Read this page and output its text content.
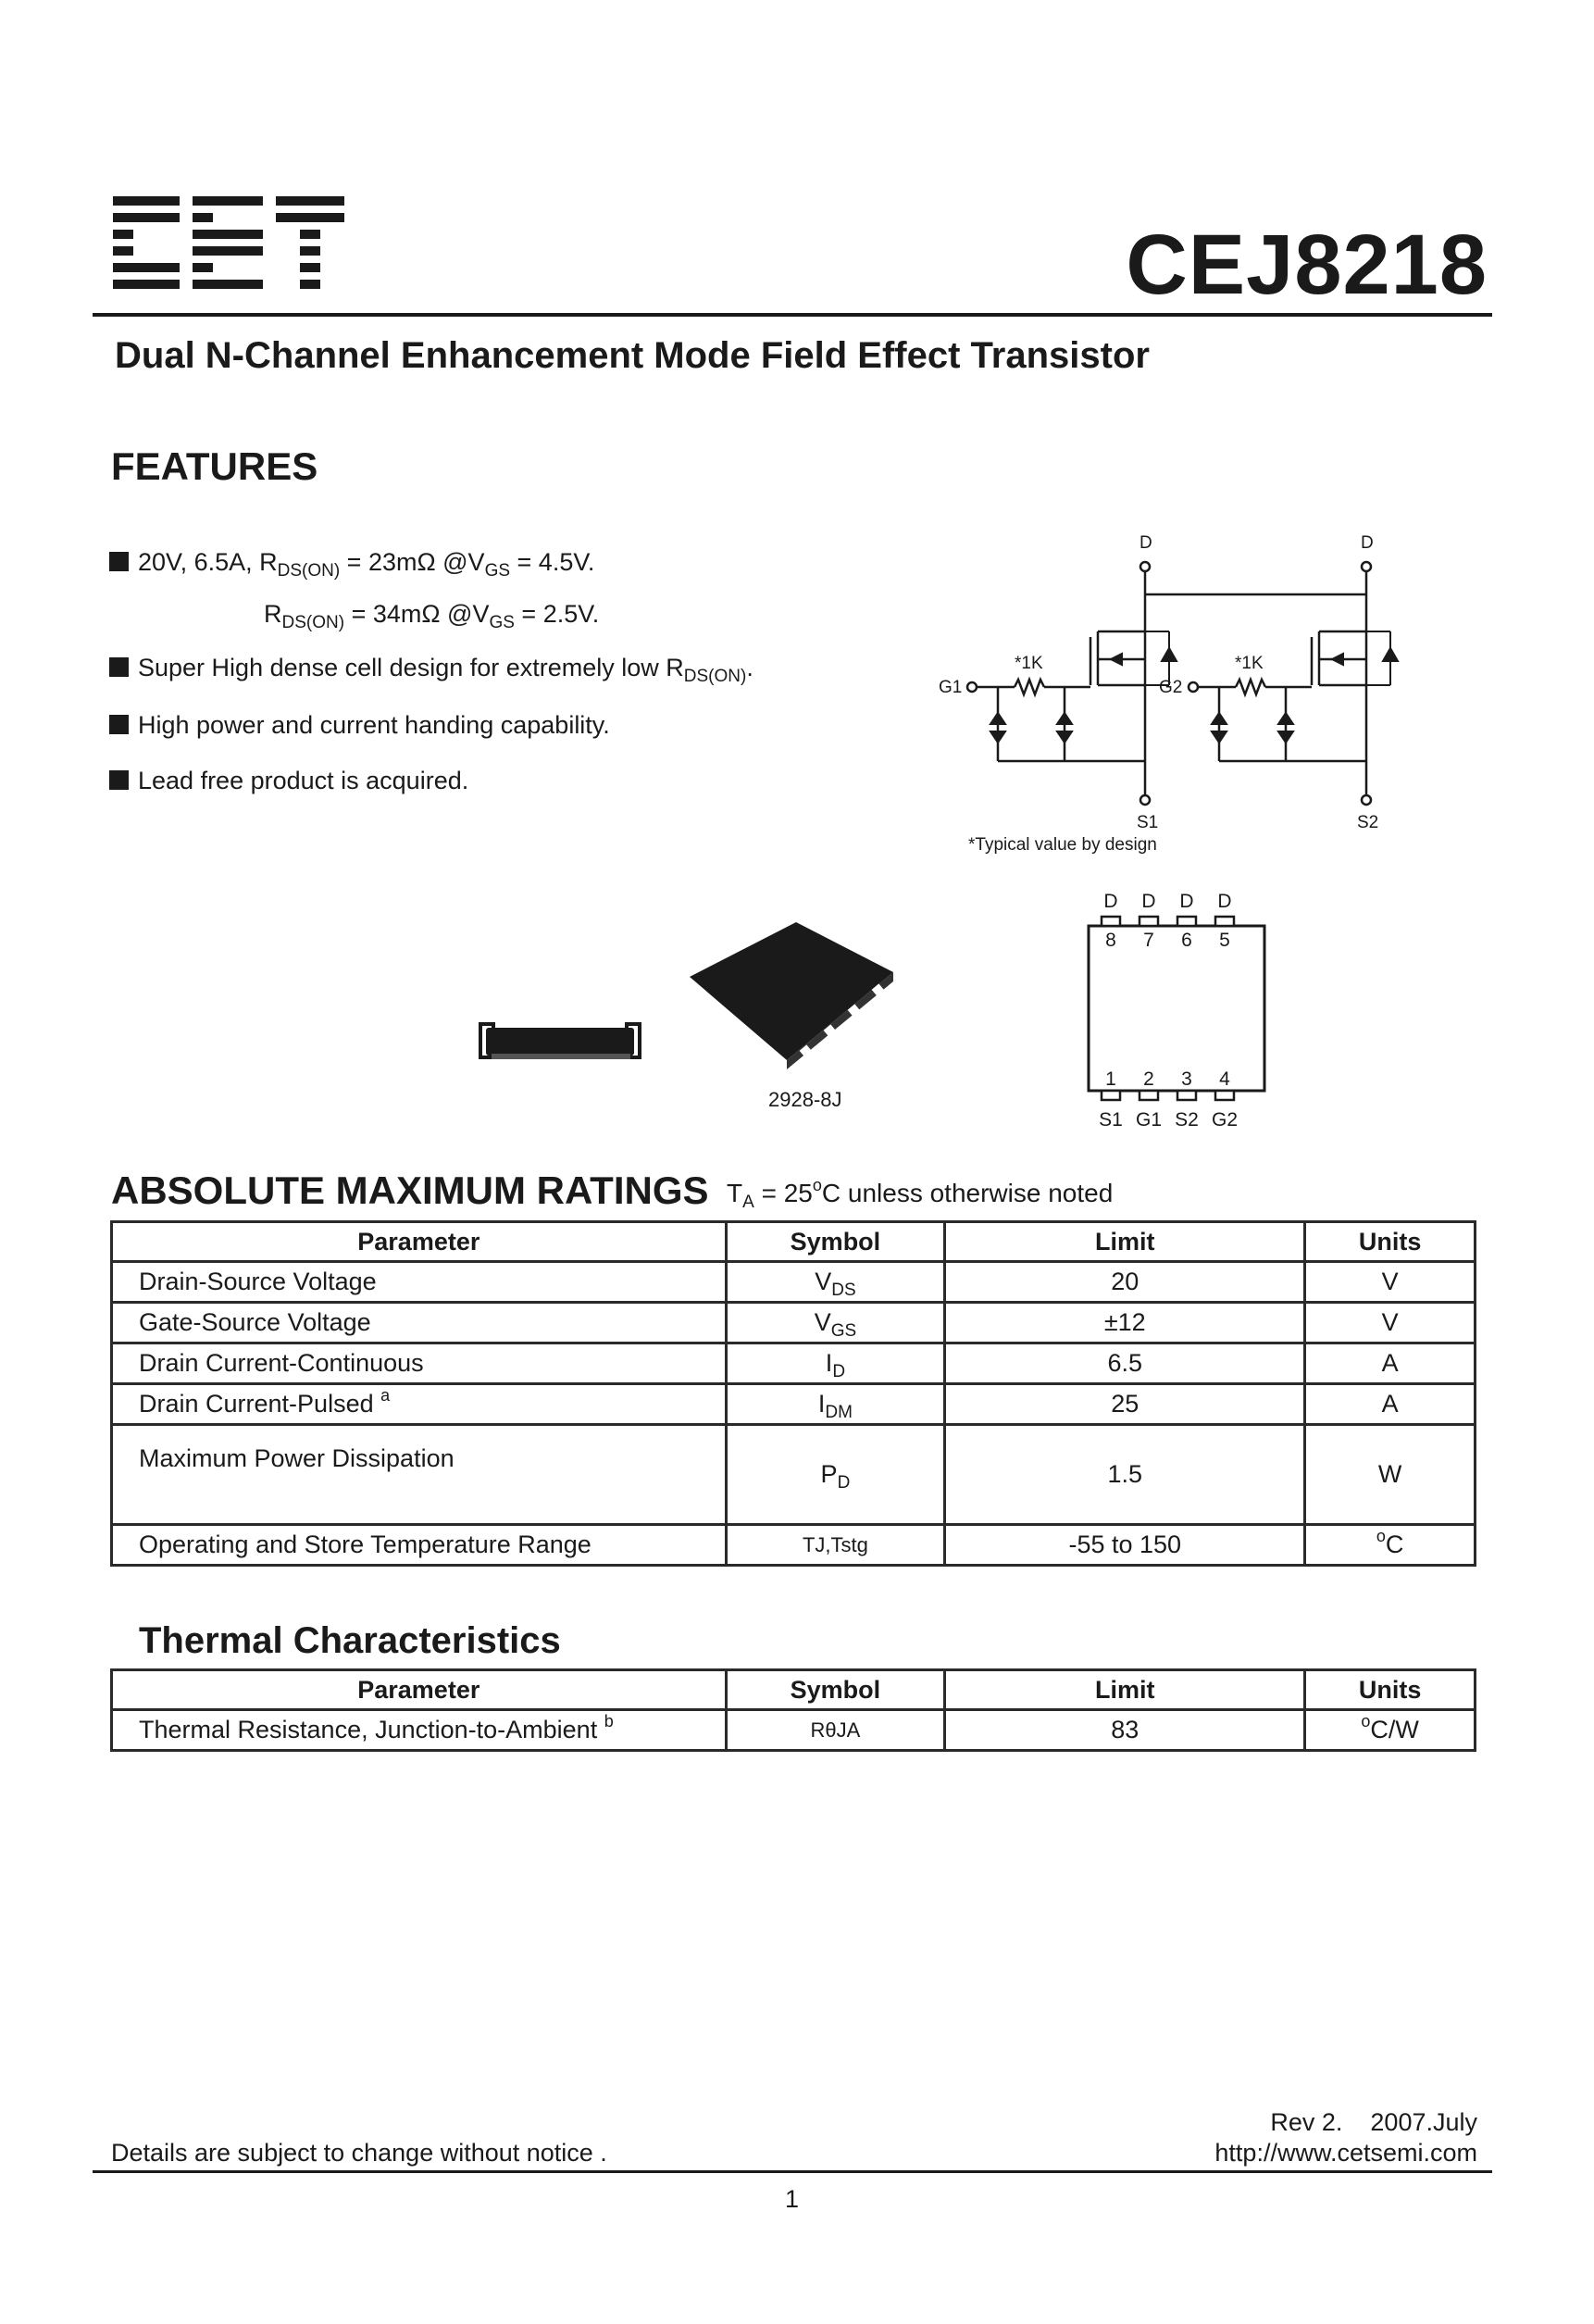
CEJ8218
Dual N-Channel Enhancement Mode Field Effect Transistor
FEATURES
20V, 6.5A, $R_{DS(ON)} = 23m\Omega$ $@V_{GS} = 4.5V$.
$R_{DS(ON)} = 34m\Omega$ $@V_{GS} = 2.5V$.
Super High dense cell design for extremely low $R_{DS(ON)}$.
High power and current handing capability.
Lead free product is acquired.
D	D
G1	G2
*1K	*1K
S1	S2
*Typical value by design
2928-8J
D D D D
8 7 6 5
1 2 3 4
S1 G1 S2 G2
ABSOLUTE MAXIMUM RATINGS $T_A = 25^oC$ unless otherwise noted
Parameter	Symbol	Limit	Units
Drain-Source Voltage	$V_{DS}$	20	V
Gate-Source Voltage	$V_{GS}$	±12	V
Drain Current-Continuous	$I_D$	6.5	A
Drain Current-Pulsed $^a$	$I_{DM}$	25	A
Maximum Power Dissipation	$P_D$	1.5	W
Operating and Store Temperature Range	TJ,Tstg	-55 to 150	$^o$C
Thermal Characteristics
Parameter	Symbol	Limit	Units
Thermal Resistance, Junction-to-Ambient $^b$	RθJA	83	$^o$C/W
Rev 2.    2007.July
Details are subject to change without notice .	http://www.cetsemi.com
1
